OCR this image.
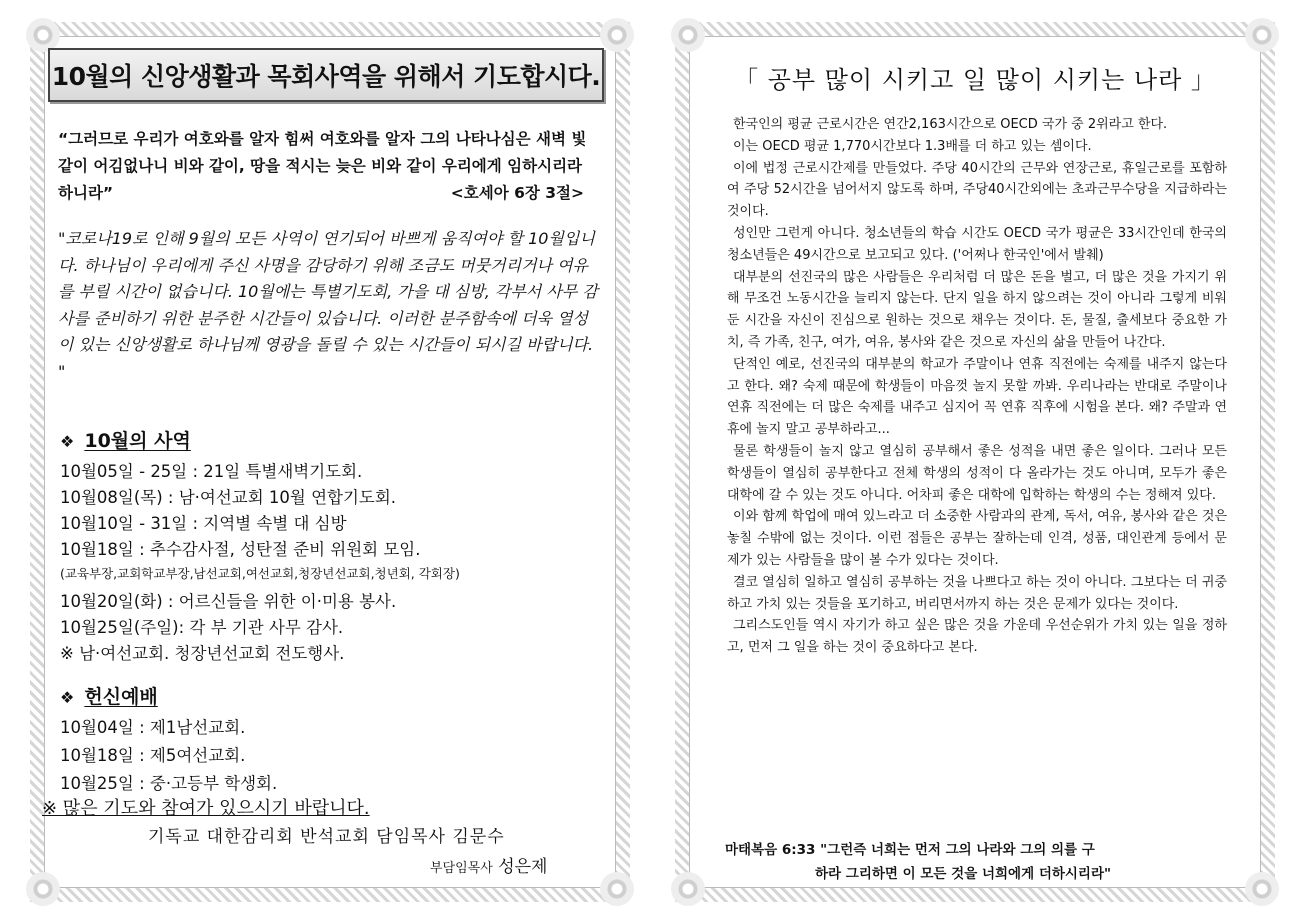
10월의 신앙생활과 목회사역을 위해서 기도합시다.
“그러므로 우리가 여호와를 알자 힘써 여호와를 알자 그의 나타나심은 새벽 빛 같이 어김없나니 비와 같이, 땅을 적시는 늦은 비와 같이 우리에게 임하시리라 하니라”	<호세아 6장 3절>
"코로나19로 인해 9월의 모든 사역이 연기되어 바쁘게 움직여야 할 10월입니다. 하나님이 우리에게 주신 사명을 감당하기 위해 조금도 머뭇거리거나 여유를 부릴 시간이 없습니다. 10월에는 특별기도회, 가을 대 심방, 각부서 사무 감사를 준비하기 위한 분주한 시간들이 있습니다. 이러한 분주함속에 더욱 열성이 있는 신앙생활로 하나님께 영광을 돌릴 수 있는 시간들이 되시길 바랍니다. "
❖ 10월의 사역
10월05일 - 25일 : 21일 특별새벽기도회.
10월08일(목) : 남·여선교회 10월 연합기도회.
10월10일 - 31일 : 지역별 속별 대 심방
10월18일 : 추수감사절, 성탄절 준비 위원회 모임.
(교육부장,교회학교부장,남선교회,여선교회,청장년선교회,청년회, 각회장)
10월20일(화) : 어르신들을 위한 이·미용 봉사.
10월25일(주일): 각 부 기관 사무 감사.
※ 남·여선교회. 청장년선교회 전도행사.
❖ 헌신예배
10월04일 : 제1남선교회.
10월18일 : 제5여선교회.
10월25일 : 중·고등부 학생회.
※ 많은 기도와 참여가 있으시기 바랍니다.
기독교 대한감리회 반석교회 담임목사 김문수
부담임목사 성은제
「 공부 많이 시키고 일 많이 시키는 나라 」

한국인의 평균 근로시간은 연간2,163시간으로 OECD 국가 중 2위라고 한다.

이는 OECD 평균 1,770시간보다 1.3배를 더 하고 있는 셈이다.

이에 법정 근로시간제를 만들었다. 주당 40시간의 근무와 연장근로, 휴일근로를 포함하여 주당 52시간을 넘어서지 않도록 하며, 주당40시간외에는 초과근무수당을 지급하라는 것이다.

성인만 그런게 아니다. 청소년들의 학습 시간도 OECD 국가 평균은 33시간인데 한국의 청소년들은 49시간으로 보고되고 있다. ('어쩌나 한국인'에서 발췌)

대부분의 선진국의 많은 사람들은 우리처럼 더 많은 돈을 벌고, 더 많은 것을 가지기 위해 무조건 노동시간을 늘리지 않는다. 단지 일을 하지 않으려는 것이 아니라 그렇게 비워둔 시간을 자신이 진심으로 원하는 것으로 채우는 것이다. 돈, 물질, 출세보다 중요한 가치, 즉 가족, 친구, 여가, 여유, 봉사와 같은 것으로 자신의 삶을 만들어 나간다.

단적인 예로, 선진국의 대부분의 학교가 주말이나 연휴 직전에는 숙제를 내주지 않는다고 한다. 왜? 숙제 때문에 학생들이 마음껏 놀지 못할 까봐. 우리나라는 반대로 주말이나 연휴 직전에는 더 많은 숙제를 내주고 심지어 꼭 연휴 직후에 시험을 본다. 왜? 주말과 연휴에 놀지 말고 공부하라고...

물론 학생들이 놀지 않고 열심히 공부해서 좋은 성적을 내면 좋은 일이다. 그러나 모든 학생들이 열심히 공부한다고 전체 학생의 성적이 다 올라가는 것도 아니며, 모두가 좋은 대학에 갈 수 있는 것도 아니다. 어차피 좋은 대학에 입학하는 학생의 수는 정해져 있다.

이와 함께 학업에 매여 있느라고 더 소중한 사람과의 관계, 독서, 여유, 봉사와 같은 것은 놓칠 수밖에 없는 것이다. 이런 점들은 공부는 잘하는데 인격, 성품, 대인관계 등에서 문제가 있는 사람들을 많이 볼 수가 있다는 것이다.

결코 열심히 일하고 열심히 공부하는 것을 나쁘다고 하는 것이 아니다. 그보다는 더 귀중하고 가치 있는 것들을 포기하고, 버리면서까지 하는 것은 문제가 있다는 것이다.

그리스도인들 역시 자기가 하고 싶은 많은 것을 가운데 우선순위가 가치 있는 일을 정하고, 먼저 그 일을 하는 것이 중요하다고 본다.

마태복음 6:33 "그런즉 너희는 먼저 그의 나라와 그의 의를 구
하라 그리하면 이 모든 것을 너희에게 더하시리라"
